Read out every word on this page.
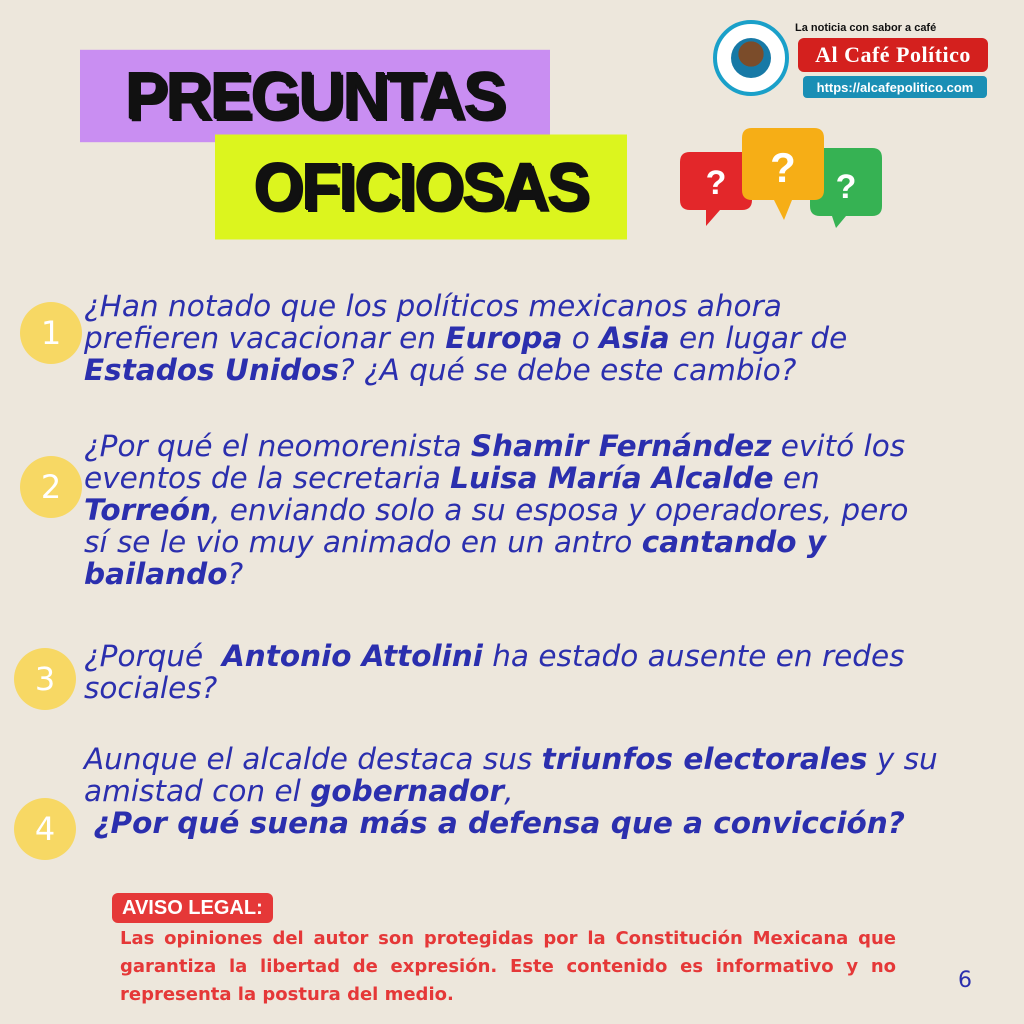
PREGUNTAS
OFICIOSAS	?	?
?
La noticia con sabor a café
Al Café Político
https://alcafepolitico.com
1
¿Han notado que los políticos mexicanos ahora
prefieren vacacionar en Europa o Asia en lugar de
Estados Unidos? ¿A qué se debe este cambio?
2
¿Por qué el neomorenista Shamir Fernández evitó los
eventos de la secretaria Luisa María Alcalde en
Torreón, enviando solo a su esposa y operadores, pero
sí se le vio muy animado en un antro cantando y
bailando?
3
¿Porqué  Antonio Attolini ha estado ausente en redes
sociales?
4
Aunque el alcalde destaca sus triunfos electorales y su
amistad con el gobernador,
¿Por qué suena más a defensa que a convicción?
AVISO LEGAL:
Las opiniones del autor son protegidas por la Constitución Mexicana que garantiza la libertad de expresión. Este contenido es informativo y no representa la postura del medio.
6
